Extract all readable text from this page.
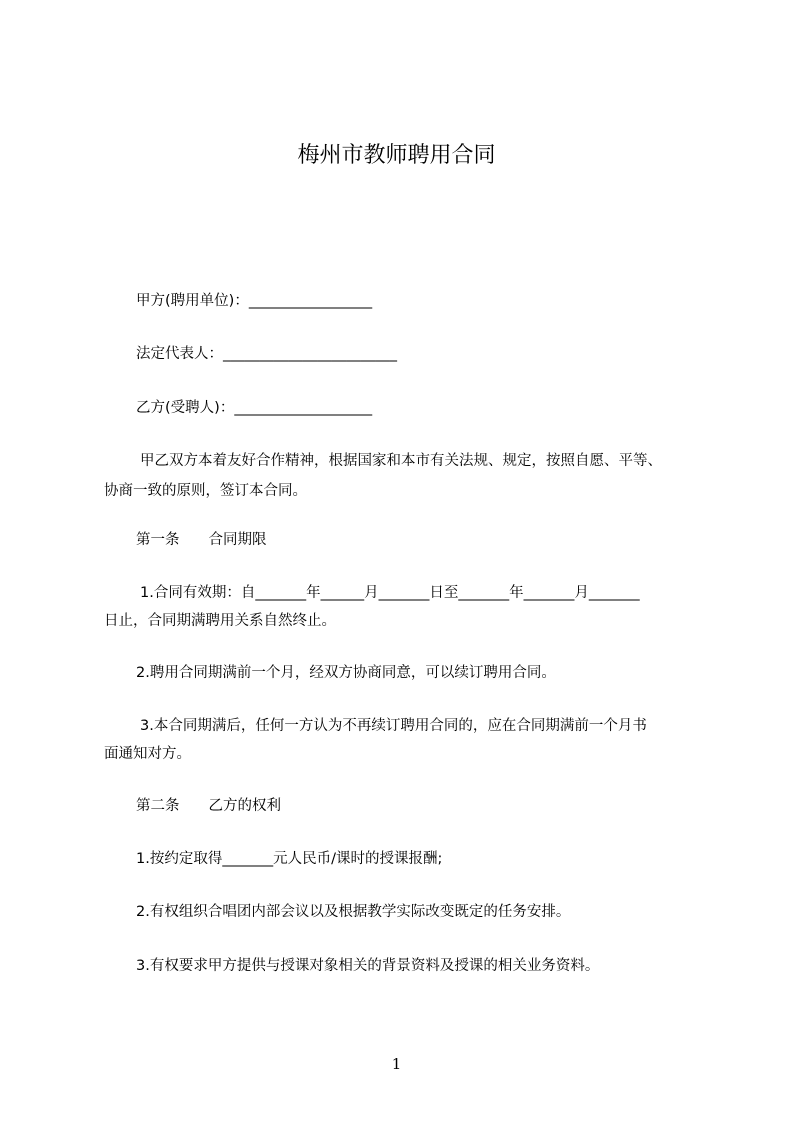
梅州市教师聘用合同
甲方(聘用单位)：_________________
法定代表人：________________________
乙方(受聘人)：___________________
甲乙双方本着友好合作精神，根据国家和本市有关法规、规定，按照自愿、平等、
协商一致的原则，签订本合同。
第一条　　合同期限
1.合同有效期：自_______年______月_______日至_______年_______月_______
日止，合同期满聘用关系自然终止。
2.聘用合同期满前一个月，经双方协商同意，可以续订聘用合同。
3.本合同期满后，任何一方认为不再续订聘用合同的，应在合同期满前一个月书
面通知对方。
第二条　　乙方的权利
1.按约定取得_______元人民币/课时的授课报酬;
2.有权组织合唱团内部会议以及根据教学实际改变既定的任务安排。
3.有权要求甲方提供与授课对象相关的背景资料及授课的相关业务资料。
1
